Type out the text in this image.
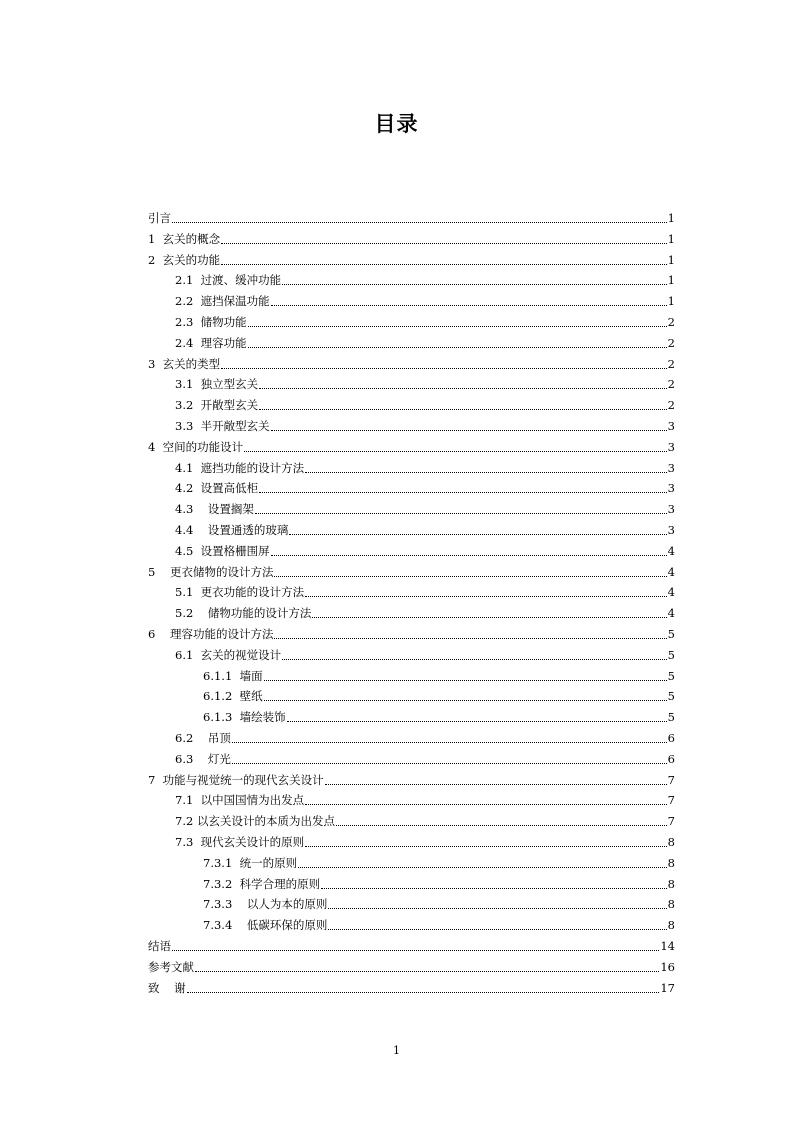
目录
引言	1
1  玄关的概念	1
2  玄关的功能	1
2.1  过渡、缓冲功能	1
2.2  遮挡保温功能	1
2.3  储物功能	2
2.4  理容功能	2
3  玄关的类型	2
3.1  独立型玄关	2
3.2  开敞型玄关	2
3.3  半开敞型玄关	3
4  空间的功能设计	3
4.1  遮挡功能的设计方法	3
4.2  设置高低柜	3
4.3    设置搁架	3
4.4    设置通透的玻璃	3
4.5  设置格栅围屏	4
5    更衣储物的设计方法	4
5.1  更衣功能的设计方法	4
5.2    储物功能的设计方法	4
6    理容功能的设计方法	5
6.1  玄关的视觉设计	5
6.1.1  墙面	5
6.1.2  壁纸	5
6.1.3  墙绘装饰	5
6.2    吊顶	6
6.3    灯光	6
7  功能与视觉统一的现代玄关设计	7
7.1  以中国国情为出发点	7
7.2 以玄关设计的本质为出发点	7
7.3  现代玄关设计的原则	8
7.3.1  统一的原则	8
7.3.2  科学合理的原则	8
7.3.3    以人为本的原则	8
7.3.4    低碳环保的原则	8
结语	14
参考文献	16
致    谢	17
1
